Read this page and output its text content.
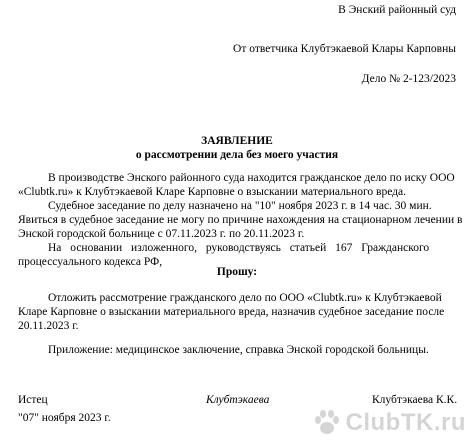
В Энский районный суд
От ответчика Клубтэкаевой Клары Карповны
Дело № 2-123/2023
ЗАЯВЛЕНИЕ
о рассмотрении дела без моего участия
В производстве Энского районного суда находится гражданское дело по иску ООО
«Clubtk.ru» к Клубтэкаевой Кларе Карповне о взыскании материального вреда.
Судебное заседание по делу назначено на "10" ноября 2023 г. в 14 час. 30 мин.
Явиться в судебное заседание не могу по причине нахождения на стационарном лечении в
Энской городской больнице с 07.11.2023 г. по 20.11.2023 г.
На основании изложенного, руководствуясь статьей 167 Гражданского
процессуального кодекса РФ,
Прошу:
Отложить рассмотрение гражданского дело по ООО «Clubtk.ru» к Клубтэкаевой
Кларе Карповне о взыскании материального вреда, назначив судебное заседание после
20.11.2023 г.
Приложение: медицинское заключение, справка Энской городской больницы.
Истец	Клубтэкаева	Клубтэкаева К.К.
"07" ноября 2023 г.	ClubTK.ru
